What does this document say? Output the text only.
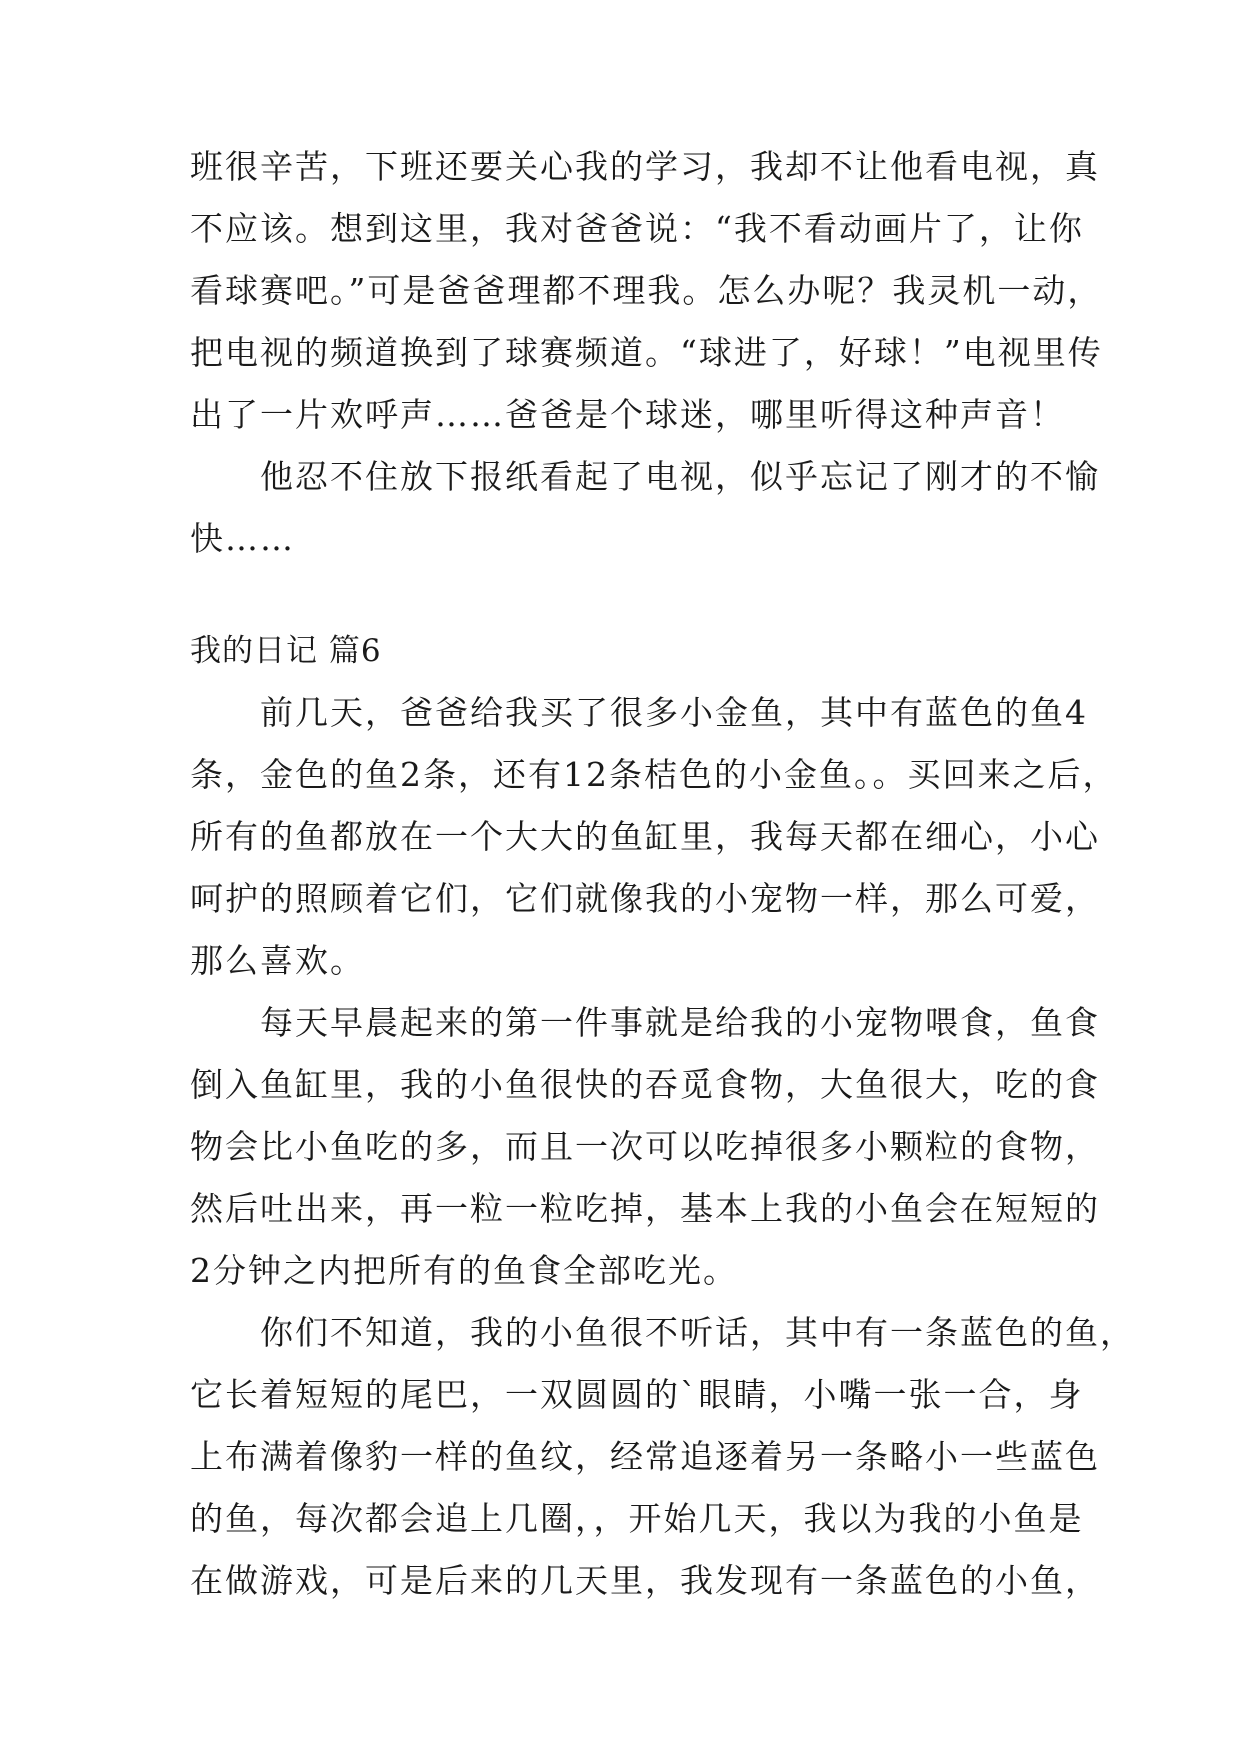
班很辛苦，下班还要关心我的学习，我却不让他看电视，真
不应该。想到这里，我对爸爸说：“我不看动画片了，让你
看球赛吧。”可是爸爸理都不理我。怎么办呢？我灵机一动，
把电视的频道换到了球赛频道。“球进了，好球！”电视里传
出了一片欢呼声……爸爸是个球迷，哪里听得这种声音！
　　他忍不住放下报纸看起了电视，似乎忘记了刚才的不愉
快……
我的日记 篇6
　　前几天，爸爸给我买了很多小金鱼，其中有蓝色的鱼4
条，金色的鱼2条，还有12条桔色的小金鱼。。买回来之后，
所有的鱼都放在一个大大的鱼缸里，我每天都在细心，小心
呵护的照顾着它们，它们就像我的小宠物一样，那么可爱，
那么喜欢。
　　每天早晨起来的第一件事就是给我的小宠物喂食，鱼食
倒入鱼缸里，我的小鱼很快的吞觅食物，大鱼很大，吃的食
物会比小鱼吃的多，而且一次可以吃掉很多小颗粒的食物，
然后吐出来，再一粒一粒吃掉，基本上我的小鱼会在短短的
2分钟之内把所有的鱼食全部吃光。
　　你们不知道，我的小鱼很不听话，其中有一条蓝色的鱼，
它长着短短的尾巴，一双圆圆的`眼睛，小嘴一张一合，身
上布满着像豹一样的鱼纹，经常追逐着另一条略小一些蓝色
的鱼，每次都会追上几圈，，开始几天，我以为我的小鱼是
在做游戏，可是后来的几天里，我发现有一条蓝色的小鱼，
